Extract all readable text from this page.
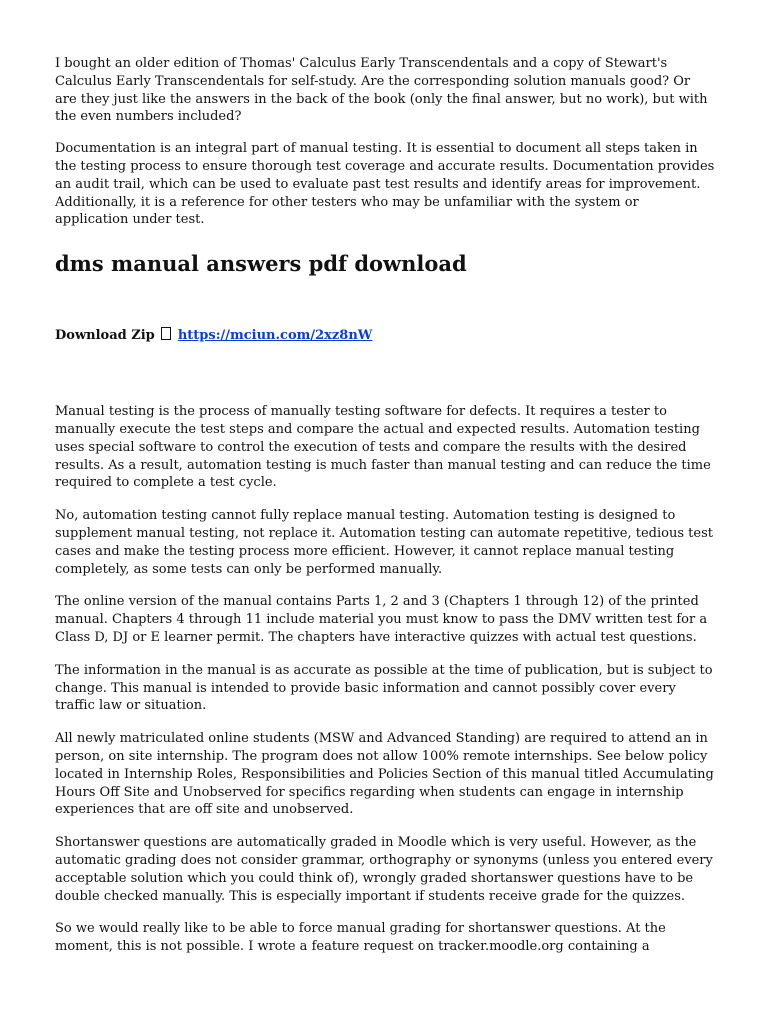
I bought an older edition of Thomas' Calculus Early Transcendentals and a copy of Stewart's Calculus Early Transcendentals for self-study. Are the corresponding solution manuals good? Or are they just like the answers in the back of the book (only the final answer, but no work), but with the even numbers included?

Documentation is an integral part of manual testing. It is essential to document all steps taken in the testing process to ensure thorough test coverage and accurate results. Documentation provides an audit trail, which can be used to evaluate past test results and identify areas for improvement. Additionally, it is a reference for other testers who may be unfamiliar with the system or application under test.

dms manual answers pdf download
Download Zip https://mciun.com/2xz8nW

Manual testing is the process of manually testing software for defects. It requires a tester to manually execute the test steps and compare the actual and expected results. Automation testing uses special software to control the execution of tests and compare the results with the desired results. As a result, automation testing is much faster than manual testing and can reduce the time required to complete a test cycle.

No, automation testing cannot fully replace manual testing. Automation testing is designed to supplement manual testing, not replace it. Automation testing can automate repetitive, tedious test cases and make the testing process more efficient. However, it cannot replace manual testing completely, as some tests can only be performed manually.

The online version of the manual contains Parts 1, 2 and 3 (Chapters 1 through 12) of the printed manual. Chapters 4 through 11 include material you must know to pass the DMV written test for a Class D, DJ or E learner permit. The chapters have interactive quizzes with actual test questions.

The information in the manual is as accurate as possible at the time of publication, but is subject to change. This manual is intended to provide basic information and cannot possibly cover every traffic law or situation.

All newly matriculated online students (MSW and Advanced Standing) are required to attend an in person, on site internship. The program does not allow 100% remote internships. See below policy located in Internship Roles, Responsibilities and Policies Section of this manual titled Accumulating Hours Off Site and Unobserved for specifics regarding when students can engage in internship experiences that are off site and unobserved.

Shortanswer questions are automatically graded in Moodle which is very useful. However, as the automatic grading does not consider grammar, orthography or synonyms (unless you entered every acceptable solution which you could think of), wrongly graded shortanswer questions have to be double checked manually. This is especially important if students receive grade for the quizzes.

So we would really like to be able to force manual grading for shortanswer questions. At the moment, this is not possible. I wrote a feature request on tracker.moodle.org containing a
